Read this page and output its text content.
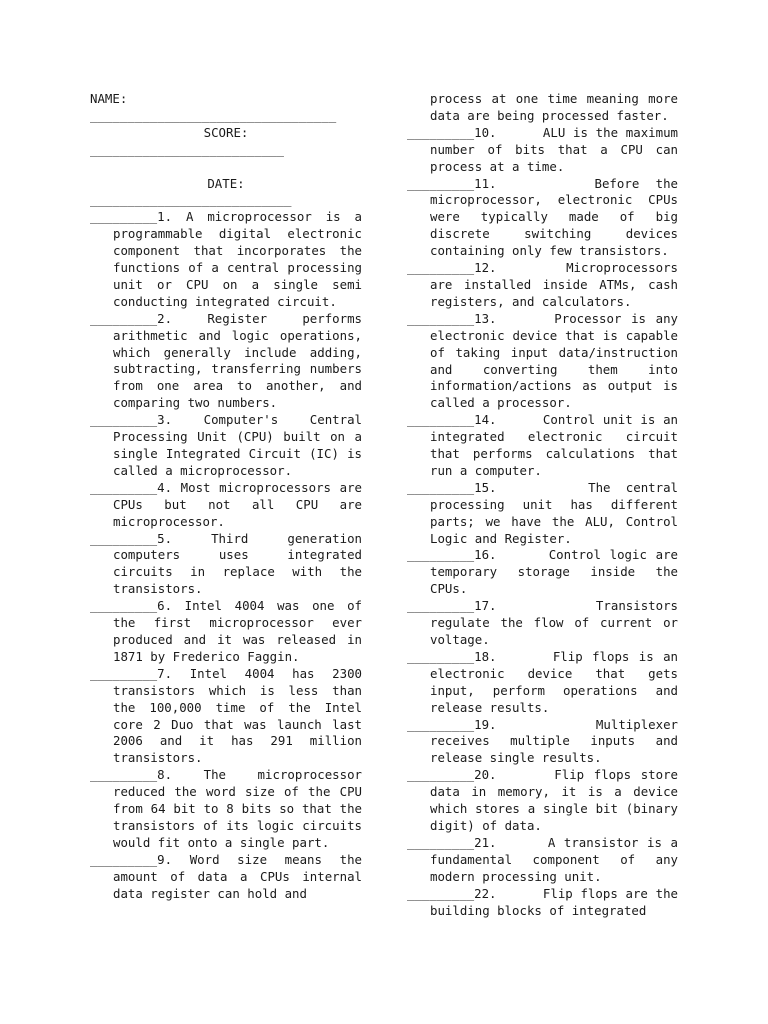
NAME:
_________________________________
SCORE:
__________________________
DATE:
___________________________
_________1. A microprocessor is a programmable digital electronic component that incorporates the functions of a central processing unit or CPU on a single semi conducting integrated circuit.
_________2. Register performs arithmetic and logic operations, which generally include adding, subtracting, transferring numbers from one area to another, and comparing two numbers.
_________3. Computer's Central Processing Unit (CPU) built on a single Integrated Circuit (IC) is called a microprocessor.
_________4. Most microprocessors are CPUs but not all CPU are microprocessor.
_________5. Third generation computers uses integrated circuits in replace with the transistors.
_________6. Intel 4004 was one of the first microprocessor ever produced and it was released in 1871 by Frederico Faggin.
_________7. Intel 4004 has 2300 transistors which is less than the 100,000 time of the Intel core 2 Duo that was launch last 2006 and it has 291 million transistors.
_________8. The microprocessor reduced the word size of the CPU from 64 bit to 8 bits so that the transistors of its logic circuits would fit onto a single part.
_________9. Word size means the amount of data a CPUs internal data register can hold and
process at one time meaning more data are being processed faster.
_________10.      ALU is the maximum number of bits that a CPU can process at a time.
_________11.      Before the microprocessor, electronic CPUs were typically made of big discrete switching devices containing only few transistors.
_________12.      Microprocessors are installed inside ATMs, cash registers, and calculators.
_________13.      Processor is any electronic device that is capable of taking input data/instruction and converting them into information/actions as output is called a processor.
_________14.      Control unit is an integrated electronic circuit that performs calculations that run a computer.
_________15.      The central processing unit has different parts; we have the ALU, Control Logic and Register.
_________16.      Control logic are temporary storage inside the CPUs.
_________17.      Transistors regulate the flow of current or voltage.
_________18.      Flip flops is an electronic device that gets input, perform operations and release results.
_________19.      Multiplexer receives multiple inputs and release single results.
_________20.      Flip flops store data in memory, it is a device which stores a single bit (binary digit) of data.
_________21.      A transistor is a fundamental component of any modern processing unit.
_________22.      Flip flops are the building blocks of integrated
